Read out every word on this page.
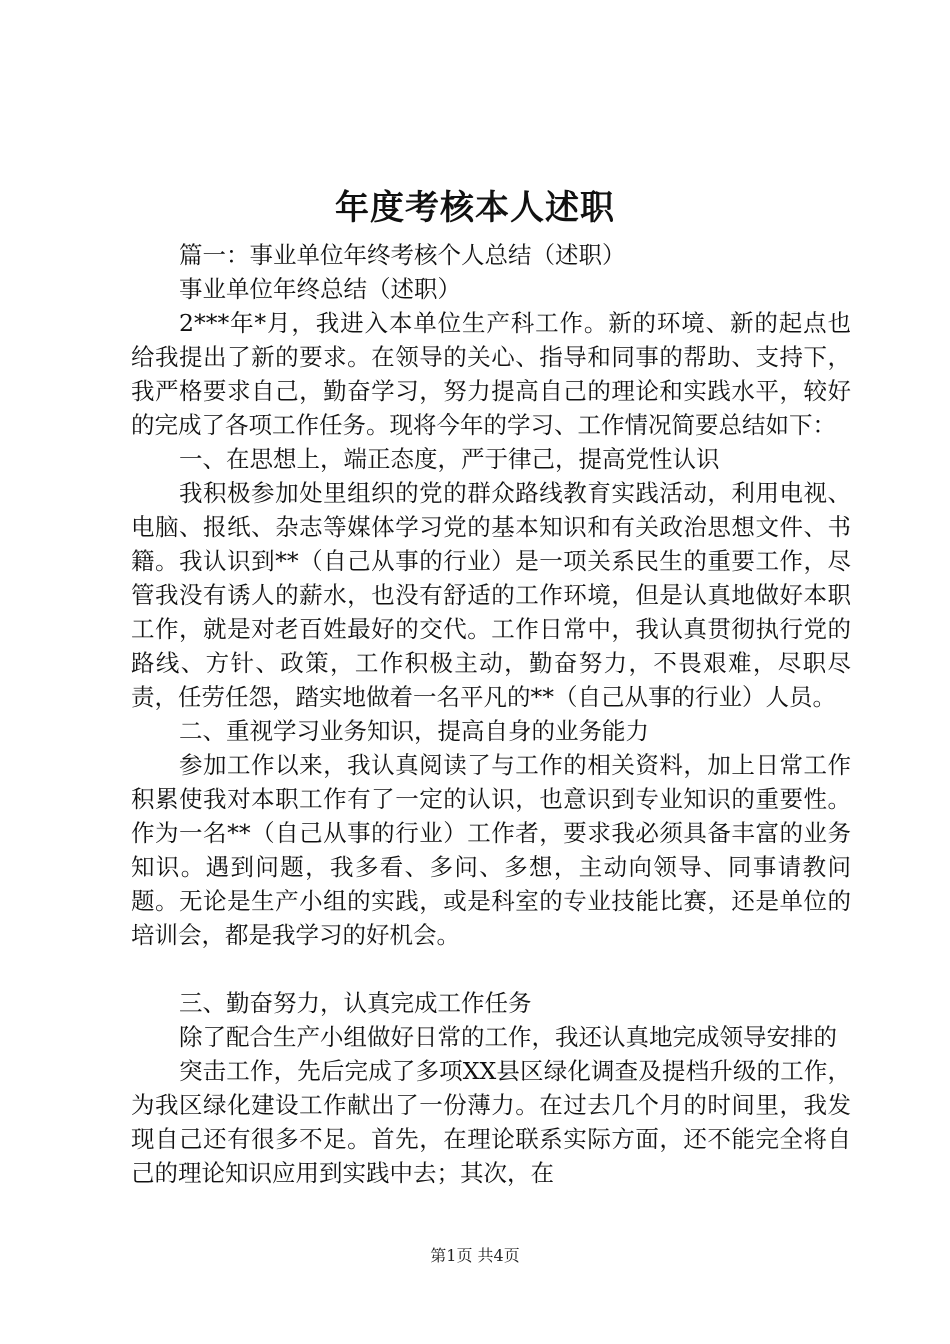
年度考核本人述职

篇一：事业单位年终考核个人总结（述职）

事业单位年终总结（述职）

2***年*月，我进入本单位生产科工作。新的环境、新的起点也给我提出了新的要求。在领导的关心、指导和同事的帮助、支持下，我严格要求自己，勤奋学习，努力提高自己的理论和实践水平，较好的完成了各项工作任务。现将今年的学习、工作情况简要总结如下：

一、在思想上，端正态度，严于律己，提高党性认识

我积极参加处里组织的党的群众路线教育实践活动，利用电视、电脑、报纸、杂志等媒体学习党的基本知识和有关政治思想文件、书籍。我认识到**（自己从事的行业）是一项关系民生的重要工作，尽管我没有诱人的薪水，也没有舒适的工作环境，但是认真地做好本职工作，就是对老百姓最好的交代。工作日常中，我认真贯彻执行党的路线、方针、政策，工作积极主动，勤奋努力，不畏艰难，尽职尽责，任劳任怨，踏实地做着一名平凡的**（自己从事的行业）人员。

二、重视学习业务知识，提高自身的业务能力

参加工作以来，我认真阅读了与工作的相关资料，加上日常工作积累使我对本职工作有了一定的认识，也意识到专业知识的重要性。作为一名**（自己从事的行业）工作者，要求我必须具备丰富的业务知识。遇到问题，我多看、多问、多想，主动向领导、同事请教问题。无论是生产小组的实践，或是科室的专业技能比赛，还是单位的培训会，都是我学习的好机会。

三、勤奋努力，认真完成工作任务

除了配合生产小组做好日常的工作，我还认真地完成领导安排的

突击工作，先后完成了多项XX县区绿化调查及提档升级的工作，为我区绿化建设工作献出了一份薄力。在过去几个月的时间里，我发现自己还有很多不足。首先，在理论联系实际方面，还不能完全将自己的理论知识应用到实践中去；其次，在

第1页 共4页
